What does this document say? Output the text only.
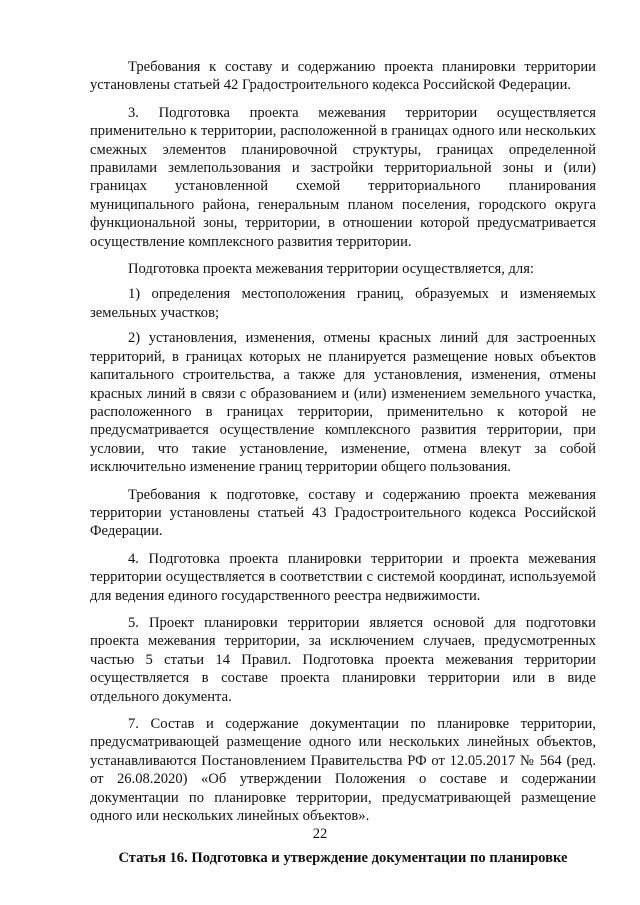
Требования к составу и содержанию проекта планировки территории установлены статьей 42 Градостроительного кодекса Российской Федерации.

3. Подготовка проекта межевания территории осуществляется применительно к территории, расположенной в границах одного или нескольких смежных элементов планировочной структуры, границах определенной правилами землепользования и застройки территориальной зоны и (или) границах установленной схемой территориального планирования муниципального района, генеральным планом поселения, городского округа функциональной зоны, территории, в отношении которой предусматривается осуществление комплексного развития территории.

Подготовка проекта межевания территории осуществляется, для:

1) определения местоположения границ, образуемых и изменяемых земельных участков;

2) установления, изменения, отмены красных линий для застроенных территорий, в границах которых не планируется размещение новых объектов капитального строительства, а также для установления, изменения, отмены красных линий в связи с образованием и (или) изменением земельного участка, расположенного в границах территории, применительно к которой не предусматривается осуществление комплексного развития территории, при условии, что такие установление, изменение, отмена влекут за собой исключительно изменение границ территории общего пользования.

Требования к подготовке, составу и содержанию проекта межевания территории установлены статьей 43 Градостроительного кодекса Российской Федерации.

4. Подготовка проекта планировки территории и проекта межевания территории осуществляется в соответствии с системой координат, используемой для ведения единого государственного реестра недвижимости.

5. Проект планировки территории является основой для подготовки проекта межевания территории, за исключением случаев, предусмотренных частью 5 статьи 14 Правил. Подготовка проекта межевания территории осуществляется в составе проекта планировки территории или в виде отдельного документа.

7. Состав и содержание документации по планировке территории, предусматривающей размещение одного или нескольких линейных объектов, устанавливаются Постановлением Правительства РФ от 12.05.2017 № 564 (ред. от 26.08.2020) «Об утверждении Положения о составе и содержании документации по планировке территории, предусматривающей размещение одного или нескольких линейных объектов».

Статья 16. Подготовка и утверждение документации по планировке

22
